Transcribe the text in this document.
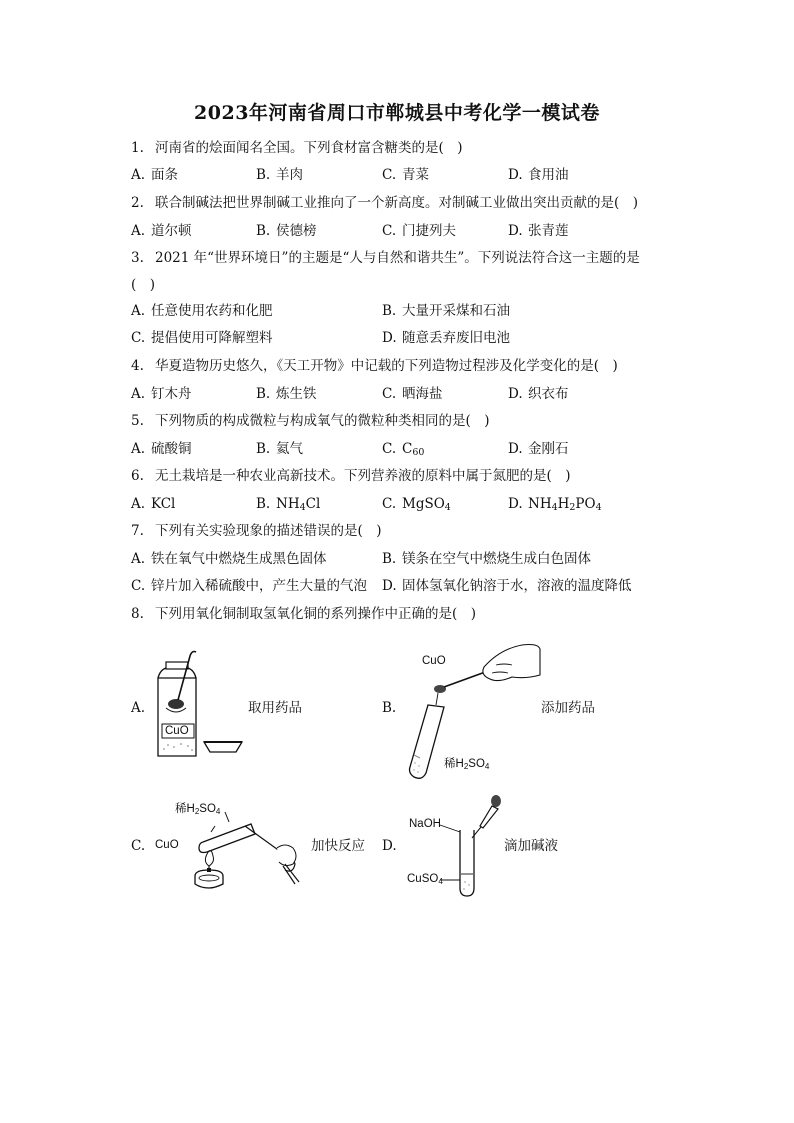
2023年河南省周口市郸城县中考化学一模试卷
1. 河南省的烩面闻名全国。下列食材富含糖类的是(　)
A. 面条	B. 羊肉	C. 青菜	D. 食用油
2. 联合制碱法把世界制碱工业推向了一个新高度。对制碱工业做出突出贡献的是(　)
A. 道尔顿	B. 侯德榜	C. 门捷列夫	D. 张青莲
3. 2021 年“世界环境日”的主题是“人与自然和谐共生”。下列说法符合这一主题的是
(　)
A. 任意使用农药和化肥	B. 大量开采煤和石油
C. 提倡使用可降解塑料	D. 随意丢弃废旧电池
4. 华夏造物历史悠久，《天工开物》中记载的下列造物过程涉及化学变化的是(　)
A. 钉木舟	B. 炼生铁	C. 晒海盐	D. 织衣布
5. 下列物质的构成微粒与构成氧气的微粒种类相同的是(　)
A. 硫酸铜	B. 氦气	C. $C_{60}$	D. 金刚石
6. 无土栽培是一种农业高新技术。下列营养液的原料中属于氮肥的是(　)
A. KCl	B. $NH_4Cl$	C. MgSO$_4$	D. $NH_4H_2PO_4$
7. 下列有关实验现象的描述错误的是(　)
A. 铁在氧气中燃烧生成黑色固体	B. 镁条在空气中燃烧生成白色固体
C. 锌片加入稀硫酸中，产生大量的气泡 D. 固体氢氧化钠溶于水，溶液的温度降低
8. 下列用氧化铜制取氢氧化铜的系列操作中正确的是(　)
A.
CuO
取用药品	B.
CuO
稀$H_2SO_4$
添加药品
C. CuO
稀$H_2SO_4$
加快反应 D.
NaOH
CuSO$_4$
滴加碱液
